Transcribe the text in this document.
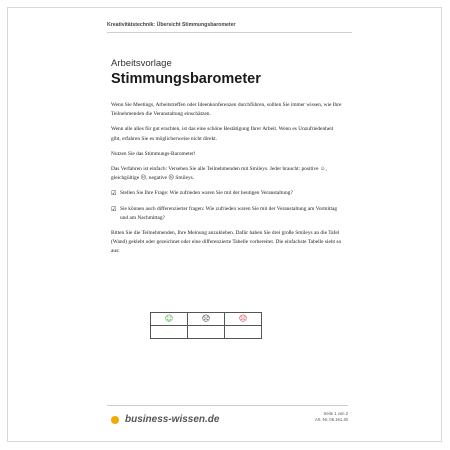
Kreativitätstechnik: Übersicht Stimmungsbarometer
Arbeitsvorlage
Stimmungsbarometer

Wenn Sie Meetings, Arbeitstreffen oder Ideenkonferenzen durchführen, sollten Sie immer wissen, wie Ihre Teilnehmenden die Veranstaltung einschätzen.

Wenn alle alles für gut erachten, ist das eine schöne Bestätigung Ihrer Arbeit. Wenn es Unzufriedenheit gibt, erfahren Sie es möglicherweise nicht direkt.

Nutzen Sie das Stimmungs-Barometer!

Das Verfahren ist einfach: Versehen Sie alle Teilnehmenden mit Smileys. Jeder braucht: positive ☺, gleichgültige ☹, negative ☹ Smileys.

☑ Stellen Sie Ihre Frage: Wie zufrieden waren Sie mit der heutigen Veranstaltung?
☑ Sie können auch differenzierter fragen: Wie zufrieden waren Sie mit der Veranstaltung am Vormittag und am Nachmittag?

Bitten Sie die Teilnehmenden, Ihre Meinung anzukleben. Dafür haben Sie drei große Smileys an die Tafel (Wand) geklebt oder gezeichnet oder eine differenzierte Tabelle vorbereitet. Die einfachste Tabelle sieht so aus:

☺	☹	☹

business-wissen.de
Seite 1 von 2
Art.-Nr. 06.161.40
